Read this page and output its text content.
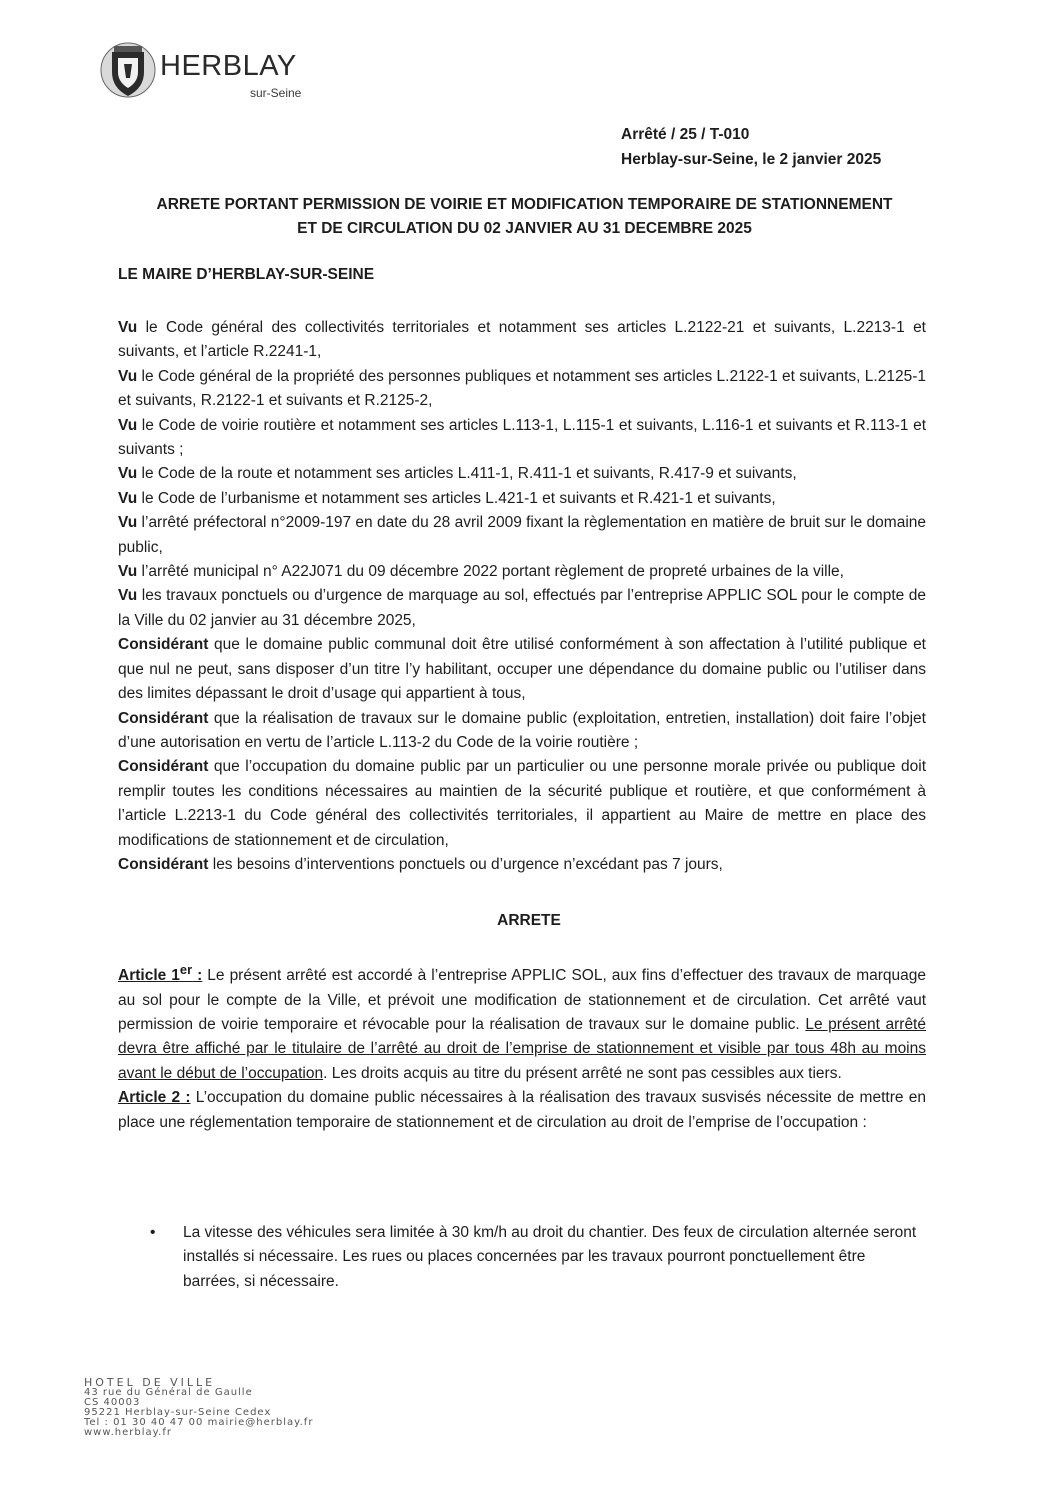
HERBLAY
sur-Seine
Arrêté / 25 / T-010
Herblay-sur-Seine, le 2 janvier 2025
ARRETE PORTANT PERMISSION DE VOIRIE ET MODIFICATION TEMPORAIRE DE STATIONNEMENT
ET DE CIRCULATION DU 02 JANVIER AU 31 DECEMBRE 2025
LE MAIRE D’HERBLAY-SUR-SEINE

Vu le Code général des collectivités territoriales et notamment ses articles L.2122-21 et suivants, L.2213-1 et suivants, et l’article R.2241-1,

Vu le Code général de la propriété des personnes publiques et notamment ses articles L.2122-1 et suivants, L.2125-1 et suivants, R.2122-1 et suivants et R.2125-2,

Vu le Code de voirie routière et notamment ses articles L.113-1, L.115-1 et suivants, L.116-1 et suivants et R.113-1 et suivants ;

Vu le Code de la route et notamment ses articles L.411-1, R.411-1 et suivants, R.417-9 et suivants,

Vu le Code de l’urbanisme et notamment ses articles L.421-1 et suivants et R.421-1 et suivants,

Vu l’arrêté préfectoral n°2009-197 en date du 28 avril 2009 fixant la règlementation en matière de bruit sur le domaine public,

Vu l’arrêté municipal n° A22J071 du 09 décembre 2022 portant règlement de propreté urbaines de la ville,

Vu les travaux ponctuels ou d’urgence de marquage au sol, effectués par l’entreprise APPLIC SOL pour le compte de la Ville du 02 janvier au 31 décembre 2025,

Considérant que le domaine public communal doit être utilisé conformément à son affectation à l’utilité publique et que nul ne peut, sans disposer d’un titre l’y habilitant, occuper une dépendance du domaine public ou l’utiliser dans des limites dépassant le droit d’usage qui appartient à tous,

Considérant que la réalisation de travaux sur le domaine public (exploitation, entretien, installation) doit faire l’objet d’une autorisation en vertu de l’article L.113-2 du Code de la voirie routière ;

Considérant que l’occupation du domaine public par un particulier ou une personne morale privée ou publique doit remplir toutes les conditions nécessaires au maintien de la sécurité publique et routière, et que conformément à l’article L.2213-1 du Code général des collectivités territoriales, il appartient au Maire de mettre en place des modifications de stationnement et de circulation,

Considérant les besoins d’interventions ponctuels ou d’urgence n’excédant pas 7 jours,

ARRETE

Article 1er : Le présent arrêté est accordé à l’entreprise APPLIC SOL, aux fins d’effectuer des travaux de marquage au sol pour le compte de la Ville, et prévoit une modification de stationnement et de circulation. Cet arrêté vaut permission de voirie temporaire et révocable pour la réalisation de travaux sur le domaine public. Le présent arrêté devra être affiché par le titulaire de l’arrêté au droit de l’emprise de stationnement et visible par tous 48h au moins avant le début de l’occupation. Les droits acquis au titre du présent arrêté ne sont pas cessibles aux tiers.

Article 2 : L’occupation du domaine public nécessaires à la réalisation des travaux susvisés nécessite de mettre en place une réglementation temporaire de stationnement et de circulation au droit de l’emprise de l’occupation :

• La vitesse des véhicules sera limitée à 30 km/h au droit du chantier. Des feux de circulation alternée seront installés si nécessaire. Les rues ou places concernées par les travaux pourront ponctuellement être barrées, si nécessaire.
HOTEL DE VILLE
43 rue du Général de Gaulle
CS 40003
95221 Herblay-sur-Seine Cedex
Tel : 01 30 40 47 00 mairie@herblay.fr
www.herblay.fr
